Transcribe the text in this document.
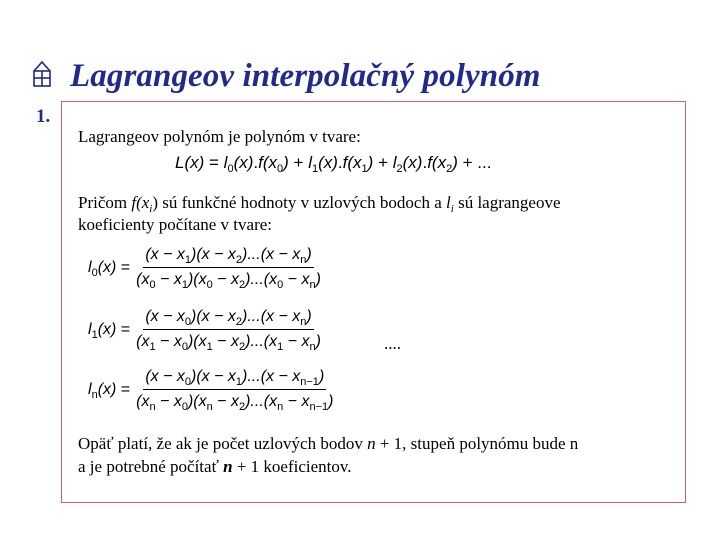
Lagrangeov interpolačný polynóm
1.
Lagrangeov polynóm je polynóm v tvare:
$L(x) = l_0(x).f(x_0) + l_1(x).f(x_1) + l_2(x).f(x_2)$ + ...
Pričom $f(x_i)$ sú funkčné hodnoty v uzlových bodoch a $l_i$ sú lagrangeove
koeficienty počítane v tvare:
$l_0(x) = \frac{(x - x_1)(x - x_2)...(x - x_n)}{(x_0 - x_1)(x_0 - x_2)...(x_0 - x_n)}$
$l_1(x) = \frac{(x - x_0)(x - x_2)...(x - x_n)}{(x_1 - x_0)(x_1 - x_2)...(x_1 - x_n)}$	....
$l_n(x) = \frac{(x - x_0)(x - x_1)...(x - x_{n-1})}{(x_n - x_0)(x_n - x_2)...(x_n - x_{n-1})}$
Opäť platí, že ak je počet uzlových bodov n + 1, stupeň polynómu bude n
a je potrebné počítať n + 1 koeficientov.
